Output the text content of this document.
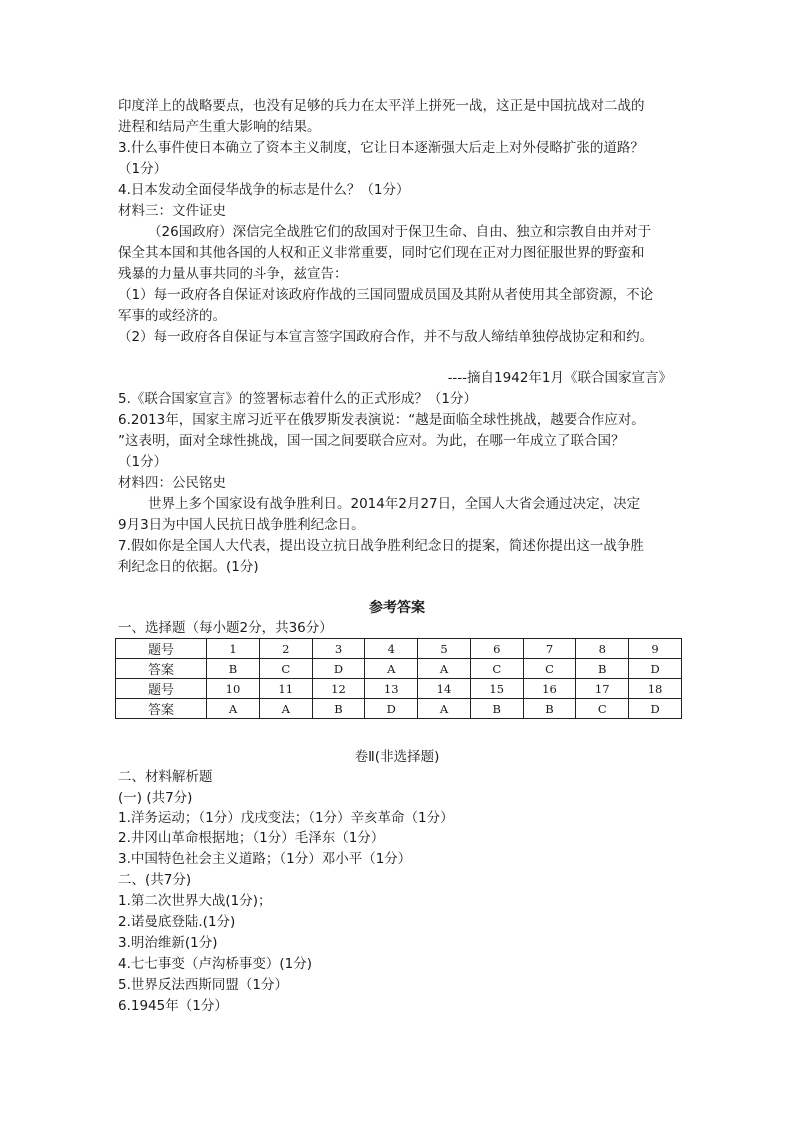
印度洋上的战略要点，也没有足够的兵力在太平洋上拼死一战，这正是中国抗战对二战的
进程和结局产生重大影响的结果。
3.什么事件使日本确立了资本主义制度，它让日本逐渐强大后走上对外侵略扩张的道路？
（1分）
4.日本发动全面侵华战争的标志是什么？（1分）
材料三：文件证史
（26国政府）深信完全战胜它们的敌国对于保卫生命、自由、独立和宗教自由并对于
保全其本国和其他各国的人权和正义非常重要，同时它们现在正对力图征服世界的野蛮和
残暴的力量从事共同的斗争，兹宣告：
（1）每一政府各自保证对该政府作战的三国同盟成员国及其附从者使用其全部资源，不论
军事的或经济的。
（2）每一政府各自保证与本宣言签字国政府合作，并不与敌人缔结单独停战协定和和约。
----摘自1942年1月《联合国家宣言》
5.《联合国家宣言》的签署标志着什么的正式形成？（1分）
6.2013年，国家主席习近平在俄罗斯发表演说：“越是面临全球性挑战，越要合作应对。
”这表明，面对全球性挑战，国一国之间要联合应对。为此，在哪一年成立了联合国？
（1分）
材料四：公民铭史
世界上多个国家设有战争胜利日。2014年2月27日，全国人大省会通过决定，决定
9月3日为中国人民抗日战争胜利纪念日。
7.假如你是全国人大代表，提出设立抗日战争胜利纪念日的提案，简述你提出这一战争胜
利纪念日的依据。(1分)
参考答案
一、选择题（每小题2分，共36分）
题号	1	2	3	4	5	6	7	8	9
答案	B	C	D	A	A	C	C	B	D
题号	10	11	12	13	14	15	16	17	18
答案	A	A	B	D	A	B	B	C	D
卷Ⅱ(非选择题)
二、材料解析题
(一) (共7分)
1.洋务运动；（1分）戊戌变法；（1分）辛亥革命（1分）
2.井冈山革命根据地；（1分）毛泽东（1分）
3.中国特色社会主义道路；（1分）邓小平（1分）
二、(共7分)
1.第二次世界大战(1分)；
2.诺曼底登陆.(1分)
3.明治维新(1分)
4.七七事变（卢沟桥事变）(1分)
5.世界反法西斯同盟（1分）
6.1945年（1分）
